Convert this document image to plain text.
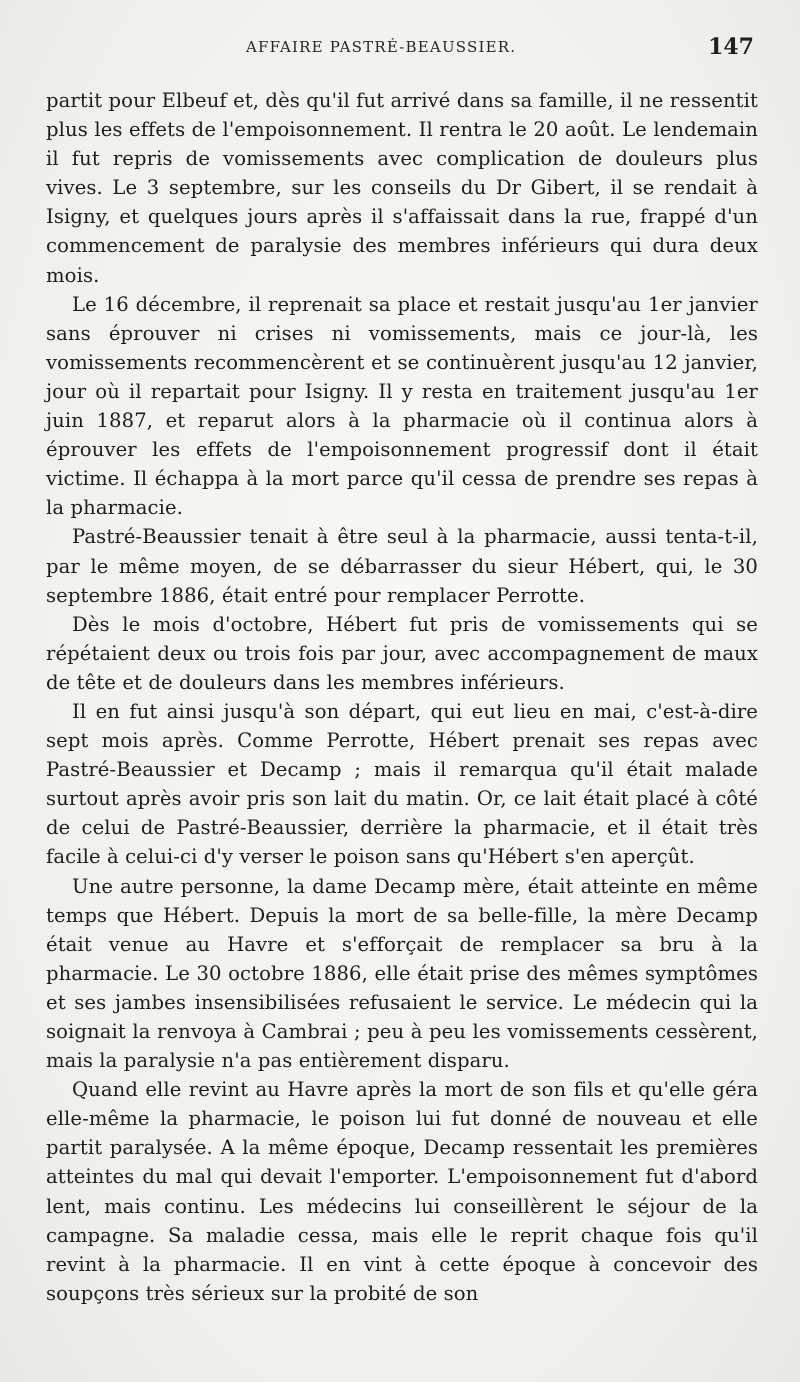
AFFAIRE PASTRÉ-BEAUSSIER.	147

partit pour Elbeuf et, dès qu'il fut arrivé dans sa famille, il ne ressentit plus les effets de l'empoisonnement. Il rentra le 20 août. Le lendemain il fut repris de vomissements avec complication de douleurs plus vives. Le 3 septembre, sur les conseils du Dr Gibert, il se rendait à Isigny, et quelques jours après il s'affaissait dans la rue, frappé d'un commencement de paralysie des membres inférieurs qui dura deux mois.

Le 16 décembre, il reprenait sa place et restait jusqu'au 1er janvier sans éprouver ni crises ni vomissements, mais ce jour-là, les vomissements recommencèrent et se continuèrent jusqu'au 12 janvier, jour où il repartait pour Isigny. Il y resta en traitement jusqu'au 1er juin 1887, et reparut alors à la pharmacie où il continua alors à éprouver les effets de l'empoisonnement progressif dont il était victime. Il échappa à la mort parce qu'il cessa de prendre ses repas à la pharmacie.

Pastré-Beaussier tenait à être seul à la pharmacie, aussi tenta-t-il, par le même moyen, de se débarrasser du sieur Hébert, qui, le 30 septembre 1886, était entré pour remplacer Perrotte.

Dès le mois d'octobre, Hébert fut pris de vomissements qui se répétaient deux ou trois fois par jour, avec accompagnement de maux de tête et de douleurs dans les membres inférieurs.

Il en fut ainsi jusqu'à son départ, qui eut lieu en mai, c'est-à-dire sept mois après. Comme Perrotte, Hébert prenait ses repas avec Pastré-Beaussier et Decamp ; mais il remarqua qu'il était malade surtout après avoir pris son lait du matin. Or, ce lait était placé à côté de celui de Pastré-Beaussier, derrière la pharmacie, et il était très facile à celui-ci d'y verser le poison sans qu'Hébert s'en aperçût.

Une autre personne, la dame Decamp mère, était atteinte en même temps que Hébert. Depuis la mort de sa belle-fille, la mère Decamp était venue au Havre et s'efforçait de remplacer sa bru à la pharmacie. Le 30 octobre 1886, elle était prise des mêmes symptômes et ses jambes insensibilisées refusaient le service. Le médecin qui la soignait la renvoya à Cambrai ; peu à peu les vomissements cessèrent, mais la paralysie n'a pas entièrement disparu.

Quand elle revint au Havre après la mort de son fils et qu'elle géra elle-même la pharmacie, le poison lui fut donné de nouveau et elle partit paralysée. A la même époque, Decamp ressentait les premières atteintes du mal qui devait l'emporter. L'empoisonnement fut d'abord lent, mais continu. Les médecins lui conseillèrent le séjour de la campagne. Sa maladie cessa, mais elle le reprit chaque fois qu'il revint à la pharmacie. Il en vint à cette époque à concevoir des soupçons très sérieux sur la probité de son
